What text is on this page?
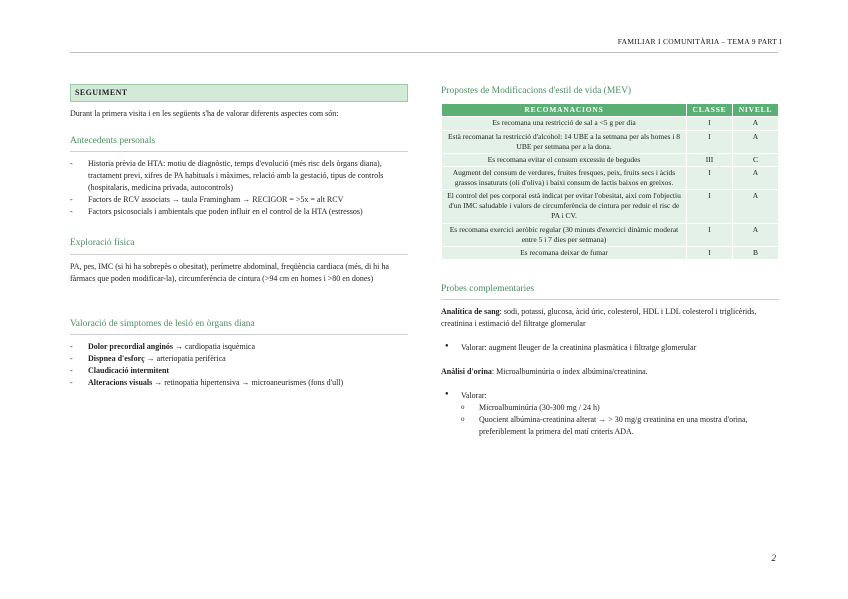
FAMILIAR I COMUNITÀRIA – TEMA 9 PART I
SEGUIMENT
Durant la primera visita i en les següents s'ha de valorar diferents aspectes com són:
Antecedents personals
- Historia prèvia de HTA: motiu de diagnòstic, temps d'evolució (més risc dels òrgans diana), tractament previ, xifres de PA habituals i màximes, relació amb la gestació, tipus de controls (hospitalaris, medicina privada, autocontrols)
- Factors de RCV associats → taula Framingham → RECIGOR = >5x = alt RCV
- Factors psicosocials i ambientals que poden influir en el control de la HTA (estressos)
Exploració física
PA, pes, IMC (si hi ha sobrepès o obesitat), perímetre abdominal, freqüència cardiaca (més, di hi ha fàrmacs que poden modificar-la), circumferència de cintura (>94 cm en homes i >80 en dones)
Valoració de símptomes de lesió en òrgans diana
- Dolor precordial anginós → cardiopatia isquèmica
- Dispnea d'esforç → arteriopatia perifèrica
- Claudicació intermitent
- Alteracions visuals → retinopatia hipertensiva → microaneurismes (fons d'ull)
Propostes de Modificacions d'estil de vida (MEV)
RECOMANACIONS	CLASSE	NIVELL
Es recomana una restricció de sal a <5 g per dia	I	A
Està recomanat la restricció d'alcohol: 14 UBE a la setmana per als homes i 8 UBE per setmana per a la dona.	I	A
Es recomana evitar el consum excessiu de begudes	III	C
Augment del consum de verdures, fruites fresques, peix, fruits secs i àcids grassos insaturats (oli d'oliva) i baixi consum de lactis baixos en greixos.	I	A
El control del pes corporal està indicat per evitar l'obesitat, així com l'objectiu d'un IMC saludable i valors de circumferència de cintura per reduir el risc de PA i CV.	I	A
Es recomana exercici aeròbic regular (30 minuts d'exercici dinàmic moderat entre 5 i 7 dies per setmana)	I	A
Es recomana deixar de fumar	I	B
Probes complementaries
Analítica de sang: sodi, potassi, glucosa, àcid úric, colesterol, HDL i LDL colesterol i triglicèrids, creatinina i estimació del filtratge glomerular
● Valorar: augment lleuger de la creatinina plasmàtica i filtratge glomerular
Anàlisi d'orina: Microalbuminúria o índex albúmina/creatinina.
● Valorar:
o Microalbuminúria (30-300 mg / 24 h)
o Quocient albúmina-creatinina alterat → > 30 mg/g creatinina en una mostra d'orina, preferiblement la primera del matí criteris ADA.
2
